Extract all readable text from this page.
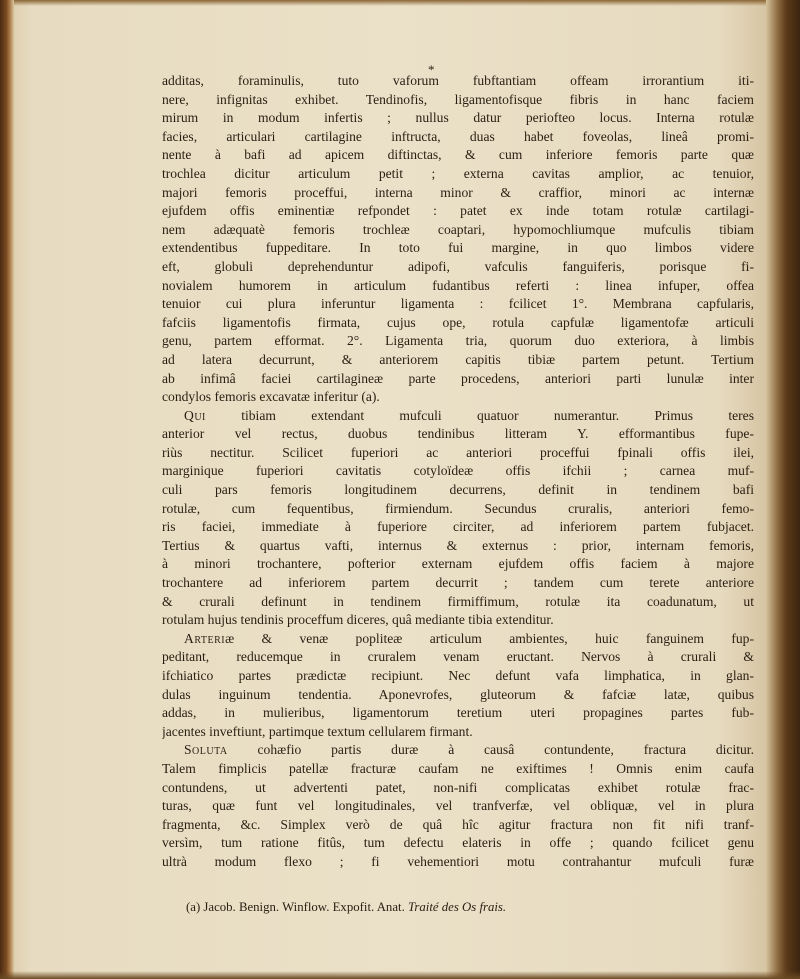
*
additas, foraminulis, tuto vaforum fubftantiam offeam irrorantium iti-
nere, infignitas exhibet. Tendinofis, ligamentofisque fibris in hanc faciem
mirum in modum infertis ; nullus datur periofteo locus. Interna rotulæ
facies, articulari cartilagine inftructa, duas habet foveolas, lineâ promi-
nente à bafi ad apicem diftinctas, & cum inferiore femoris parte quæ
trochlea dicitur articulum petit ; externa cavitas amplior, ac tenuior,
majori femoris proceffui, interna minor & craffior, minori ac internæ
ejufdem offis eminentiæ refpondet : patet ex inde totam rotulæ cartilagi-
nem adæquatè femoris trochleæ coaptari, hypomochliumque mufculis tibiam
extendentibus fuppeditare. In toto fui margine, in quo limbos videre
eft, globuli deprehenduntur adipofi, vafculis fanguiferis, porisque fi-
novialem humorem in articulum fudantibus referti : linea infuper, offea
tenuior cui plura inferuntur ligamenta : fcilicet 1°. Membrana capfularis,
fafciis ligamentofis firmata, cujus ope, rotula capfulæ ligamentofæ articuli
genu, partem efformat. 2°. Ligamenta tria, quorum duo exteriora, à limbis
ad latera decurrunt, & anteriorem capitis tibiæ partem petunt. Tertium
ab infimâ faciei cartilagineæ parte procedens, anteriori parti lunulæ inter
condylos femoris excavatæ inferitur (a).
Qui tibiam extendant mufculi quatuor numerantur. Primus teres
anterior vel rectus, duobus tendinibus litteram Y. efformantibus fupe-
riùs nectitur. Scilicet fuperiori ac anteriori proceffui fpinali offis ilei,
marginique fuperiori cavitatis cotyloïdeæ offis ifchii ; carnea muf-
culi pars femoris longitudinem decurrens, definit in tendinem bafi
rotulæ, cum fequentibus, firmiendum. Secundus cruralis, anteriori femo-
ris faciei, immediate à fuperiore circiter, ad inferiorem partem fubjacet.
Tertius & quartus vafti, internus & externus : prior, internam femoris,
à minori trochantere, pofterior externam ejufdem offis faciem à majore
trochantere ad inferiorem partem decurrit ; tandem cum terete anteriore
& crurali definunt in tendinem firmiffimum, rotulæ ita coadunatum, ut
rotulam hujus tendinis proceffum diceres, quâ mediante tibia extenditur.
Arteriæ & venæ popliteæ articulum ambientes, huic fanguinem fup-
peditant, reducemque in cruralem venam eructant. Nervos à crurali &
ifchiatico partes prædictæ recipiunt. Nec defunt vafa limphatica, in glan-
dulas inguinum tendentia. Aponevrofes, gluteorum & fafciæ latæ, quibus
addas, in mulieribus, ligamentorum teretium uteri propagines partes fub-
jacentes inveftiunt, partimque textum cellularem firmant.
Soluta cohæfio partis duræ à causâ contundente, fractura dicitur.
Talem fimplicis patellæ fracturæ caufam ne exiftimes ! Omnis enim caufa
contundens, ut advertenti patet, non-nifi complicatas exhibet rotulæ frac-
turas, quæ funt vel longitudinales, vel tranfverfæ, vel obliquæ, vel in plura
fragmenta, &c. Simplex verò de quâ hîc agitur fractura non fit nifi tranf-
versìm, tum ratione fitûs, tum defectu elateris in offe ; quando fcilicet genu
ultrà modum flexo ; fi vehementiori motu contrahantur mufculi furæ
(a) Jacob. Benign. Winflow. Expofit. Anat. Traité des Os frais.
